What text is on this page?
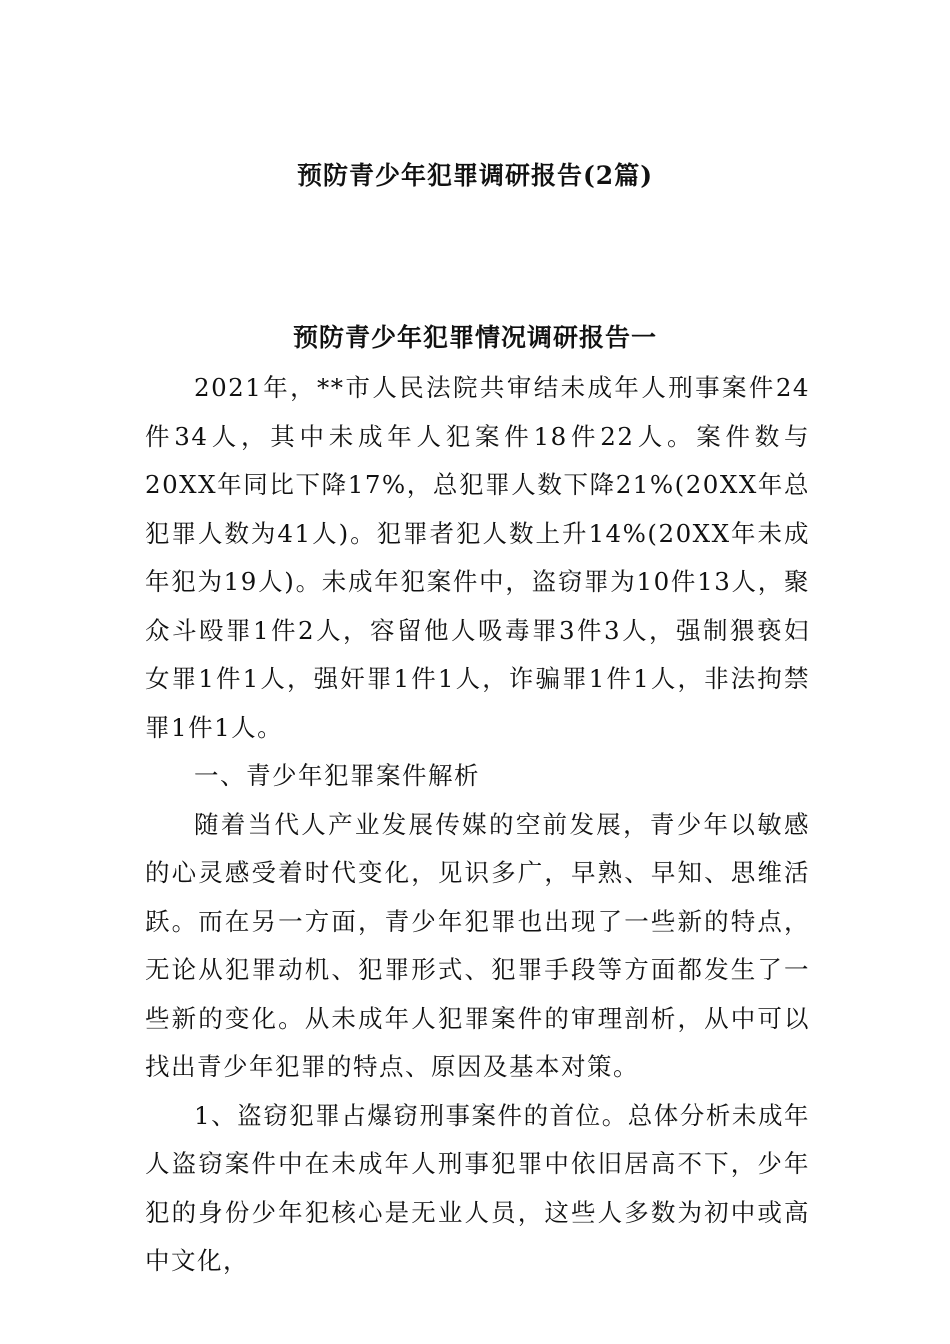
预防青少年犯罪调研报告(2篇)
预防青少年犯罪情况调研报告一

2021年，**市人民法院共审结未成年人刑事案件24件34人，其中未成年人犯案件18件22人。案件数与20XX年同比下降17%，总犯罪人数下降21%(20XX年总犯罪人数为41人)。犯罪者犯人数上升14%(20XX年未成年犯为19人)。未成年犯案件中，盗窃罪为10件13人，聚众斗殴罪1件2人，容留他人吸毒罪3件3人，强制猥亵妇女罪1件1人，强奸罪1件1人，诈骗罪1件1人，非法拘禁罪1件1人。

一、青少年犯罪案件解析

随着当代人产业发展传媒的空前发展，青少年以敏感的心灵感受着时代变化，见识多广，早熟、早知、思维活跃。而在另一方面，青少年犯罪也出现了一些新的特点，无论从犯罪动机、犯罪形式、犯罪手段等方面都发生了一些新的变化。从未成年人犯罪案件的审理剖析，从中可以找出青少年犯罪的特点、原因及基本对策。

1、盗窃犯罪占爆窃刑事案件的首位。总体分析未成年人盗窃案件中在未成年人刑事犯罪中依旧居高不下，少年犯的身份少年犯核心是无业人员，这些人多数为初中或高中文化，
